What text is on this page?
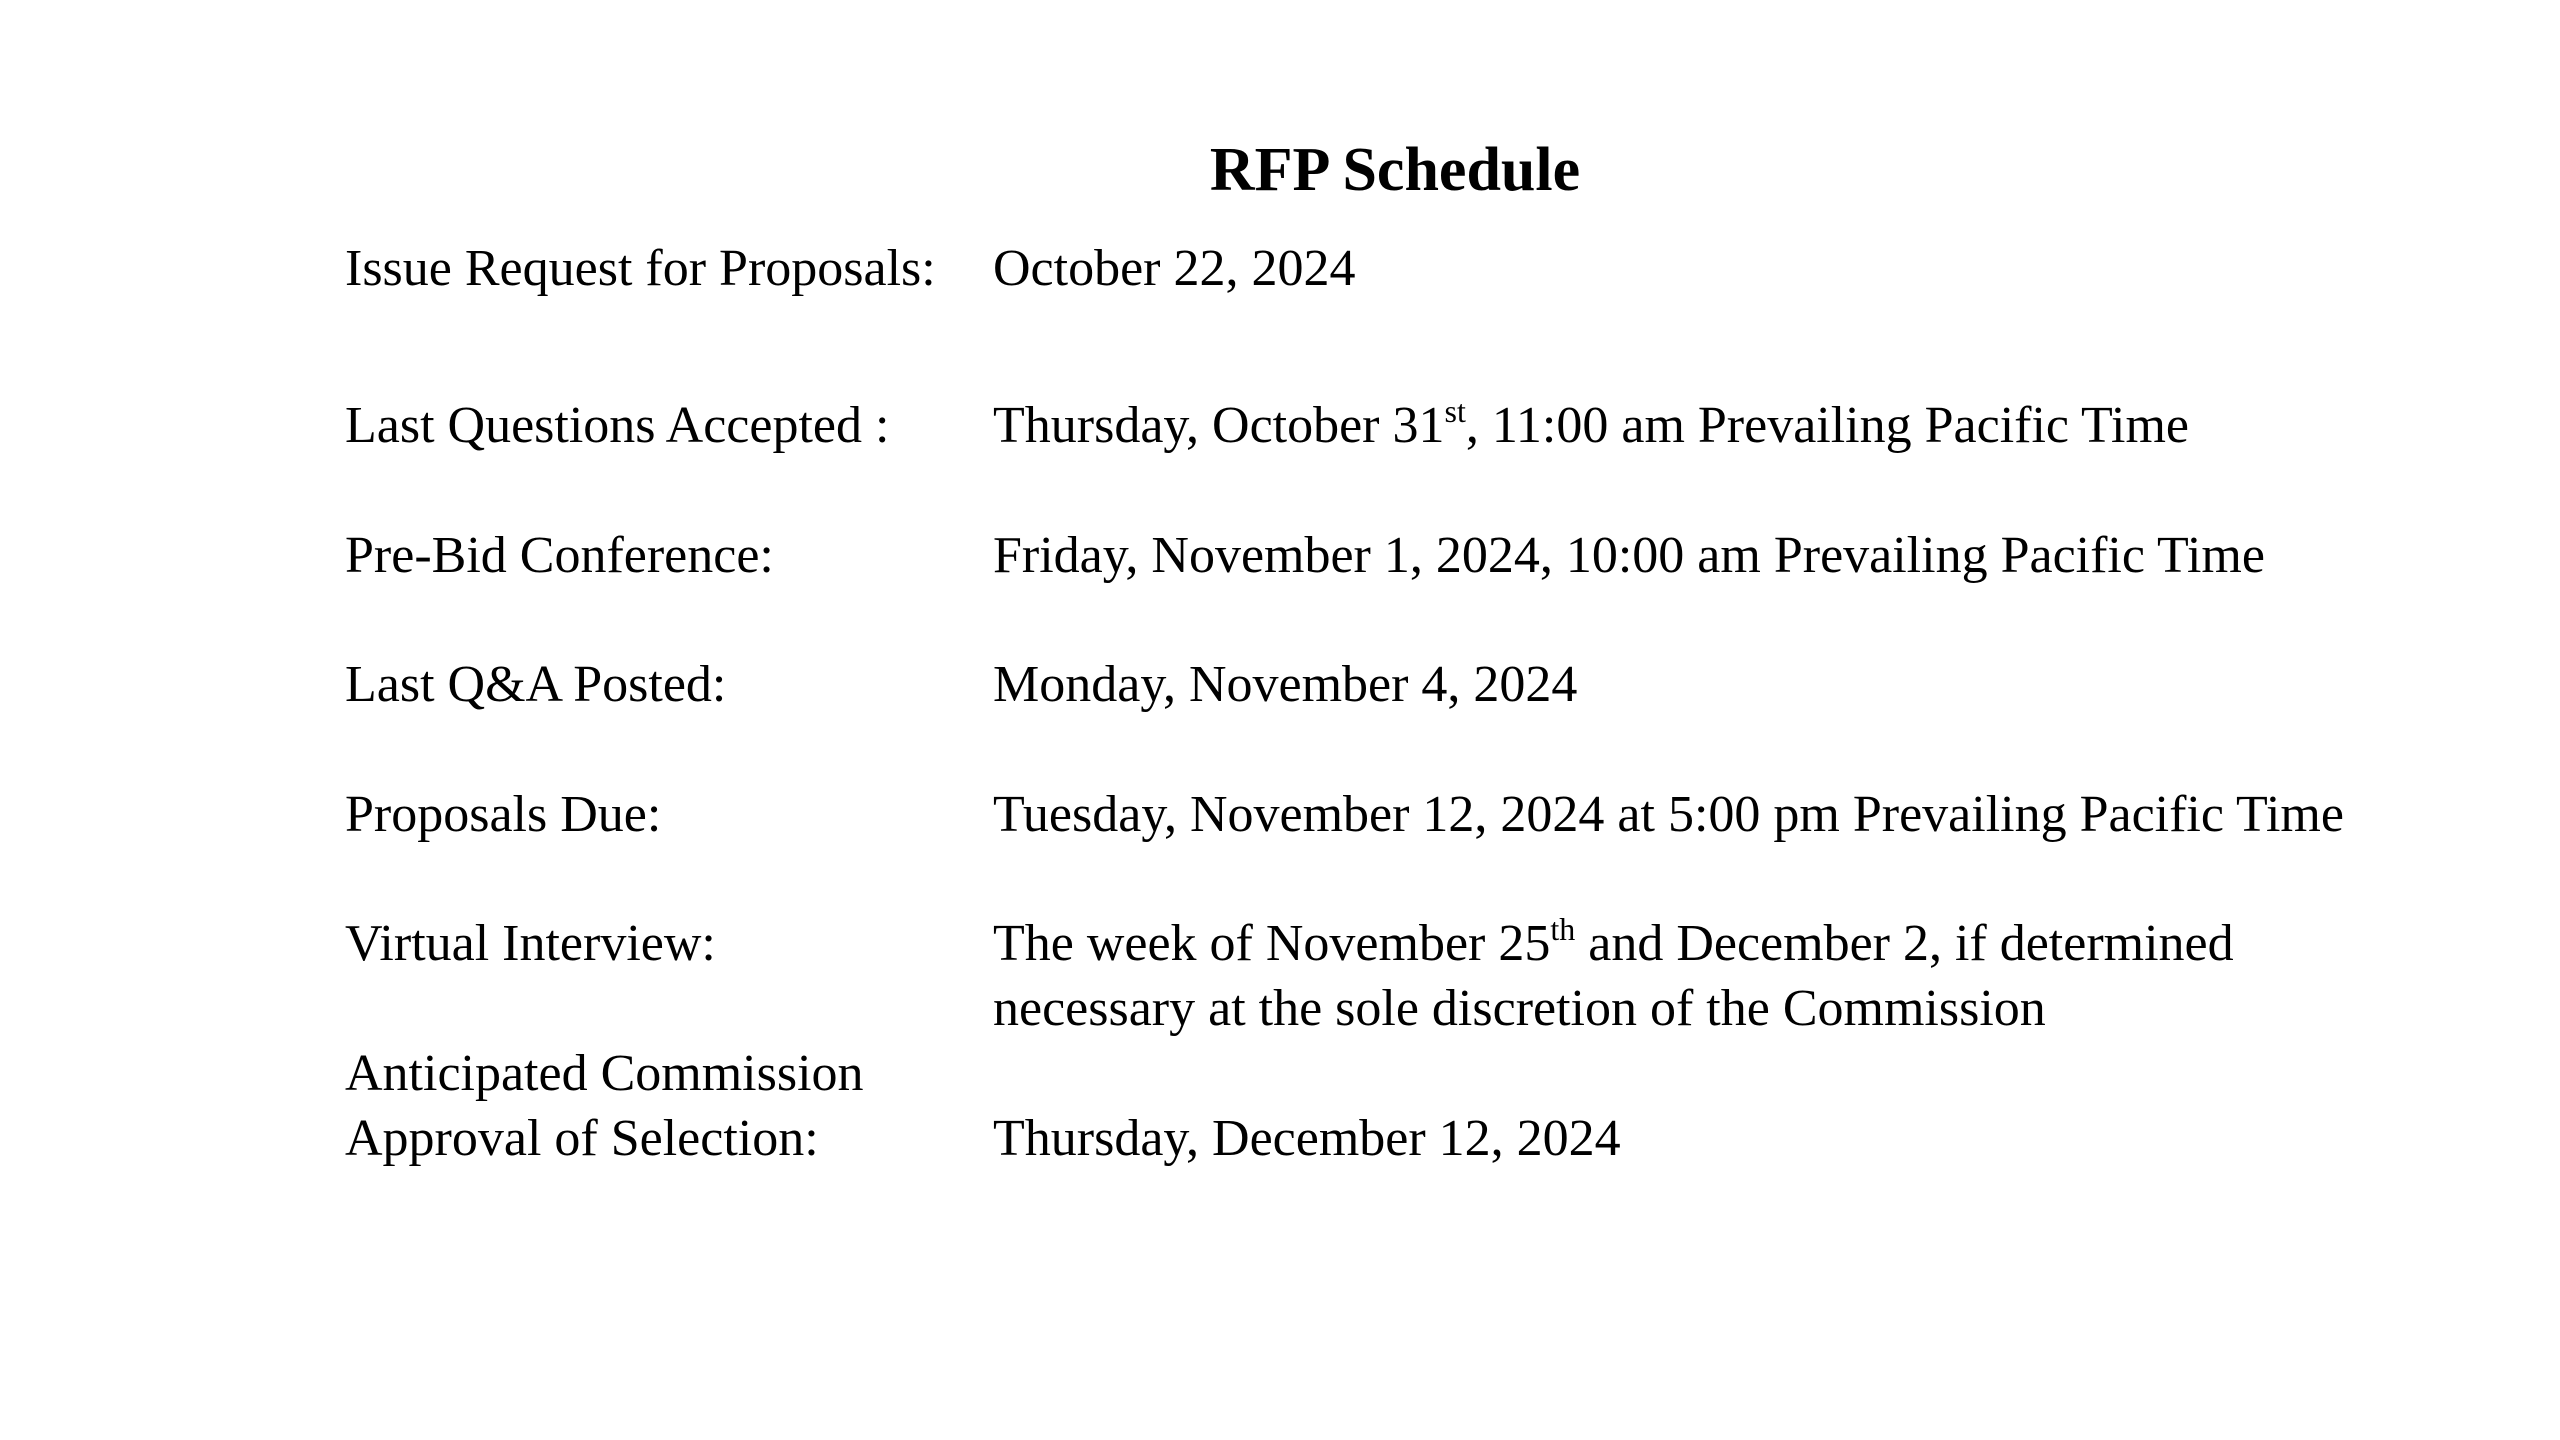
RFP Schedule
Issue Request for Proposals:	October 22, 2024
Last Questions Accepted :	Thursday, October 31st, 11:00 am Prevailing Pacific Time
Pre-Bid Conference:	Friday, November 1, 2024, 10:00 am Prevailing Pacific Time
Last Q&A Posted:	Monday, November 4, 2024
Proposals Due:	Tuesday, November 12, 2024 at 5:00 pm Prevailing Pacific Time
Virtual Interview:	The week of November 25th and December 2, if determined
necessary at the sole discretion of the Commission
Anticipated Commission
Approval of Selection:	Thursday, December 12, 2024
